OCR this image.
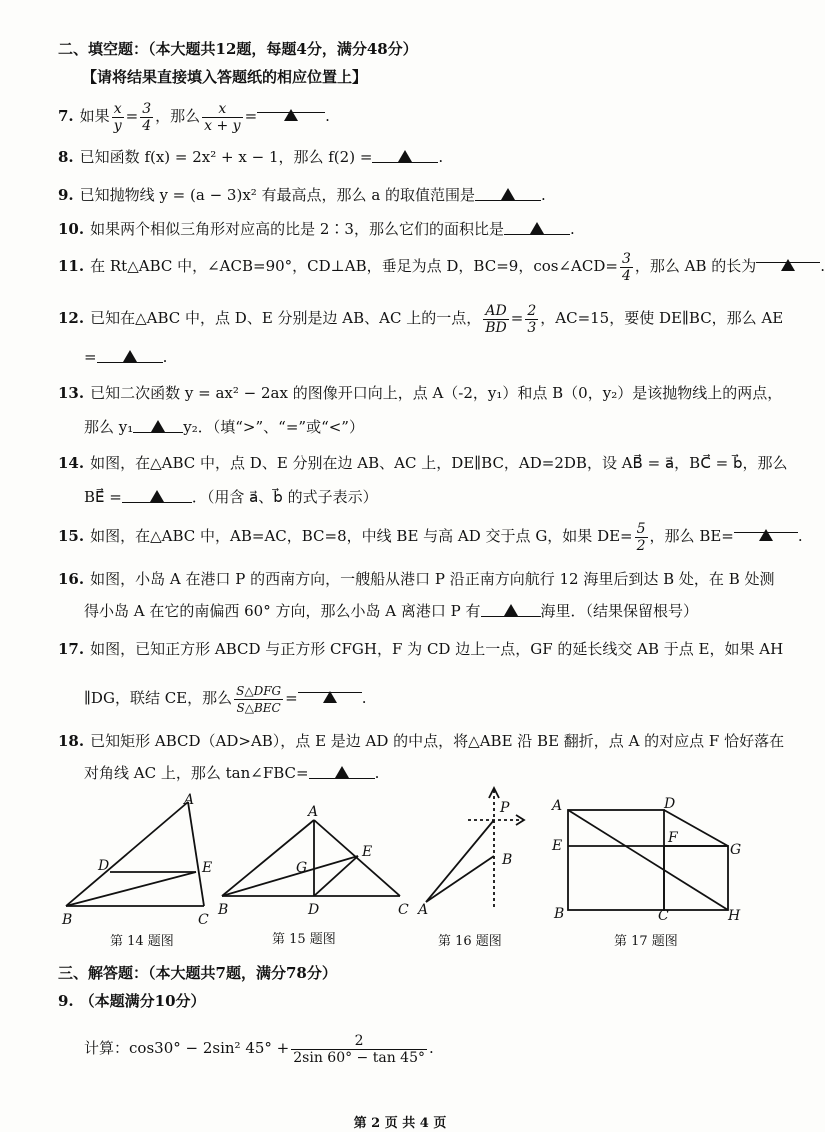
二、填空题：（本大题共12题，每题4分，满分48分）
【请将结果直接填入答题纸的相应位置上】
7. 如果 $\frac{x}{y} = \frac{3}{4}$ ，那么 $\frac{x}{x + y}$ =	.
8. 已知函数 f(x) = 2x² + x − 1，那么 f(2) =	.
9. 已知抛物线 y = (a − 3)x² 有最高点，那么 a 的取值范围是	.
10. 如果两个相似三角形对应高的比是 2∶3，那么它们的面积比是	.
11. 在 Rt△ABC 中，∠ACB=90°，CD⊥AB，垂足为点 D，BC=9，cos∠ACD= $\frac{3}{4}$ ，那么 AB 的长为	.
12. 已知在△ABC 中，点 D、E 分别是边 AB、AC 上的一点， $\frac{AD}{BD} = \frac{2}{3}$ ，AC=15，要使 DE∥BC，那么 AE
=	.
13. 已知二次函数 y = ax² − 2ax 的图像开口向上，点 A（-2，y₁）和点 B（0，y₂）是该抛物线上的两点，
那么 y₁	y₂．（填“>”、“=”或“<”）
14. 如图，在△ABC 中，点 D、E 分别在边 AB、AC 上，DE∥BC，AD=2DB，设 AB⃗ = a⃗，BC⃗ = b⃗，那么
BE⃗ =	．（用含 a⃗、b⃗ 的式子表示）
15. 如图，在△ABC 中，AB=AC，BC=8，中线 BE 与高 AD 交于点 G，如果 $DE= \frac{5}{2}$ ，那么 BE=	.
16. 如图，小岛 A 在港口 P 的西南方向，一艘船从港口 P 沿正南方向航行 12 海里后到达 B 处，在 B 处测
得小岛 A 在它的南偏西 60° 方向，那么小岛 A 离港口 P 有	海里．（结果保留根号）
17. 如图，已知正方形 ABCD 与正方形 CFGH，F 为 CD 边上一点，GF 的延长线交 AB 于点 E，如果 AH
∥DG，联结 CE，那么 $\frac{\text{S△DFG}}{\text{S△BEC}}$ =	.
18. 已知矩形 ABCD（AD>AB），点 E 是边 AD 的中点，将△ABE 沿 BE 翻折，点 A 的对应点 F 恰好落在
对角线 AC 上，那么 tan∠FBC=	.
A
B	C
D	E
第 14 题图
A
B	C
D
E
G
第 15 题图
P
B
A
第 16 题图
A	D
E	F
G
B	C	H
第 17 题图
三、解答题：（本大题共7题，满分78分）
9. （本题满分10分）
计算：cos30° − 2sin² $45^\circ + \frac{2}{2\sin 60^\circ - \tan 45^\circ}$ .
第 2 页 共 4 页
